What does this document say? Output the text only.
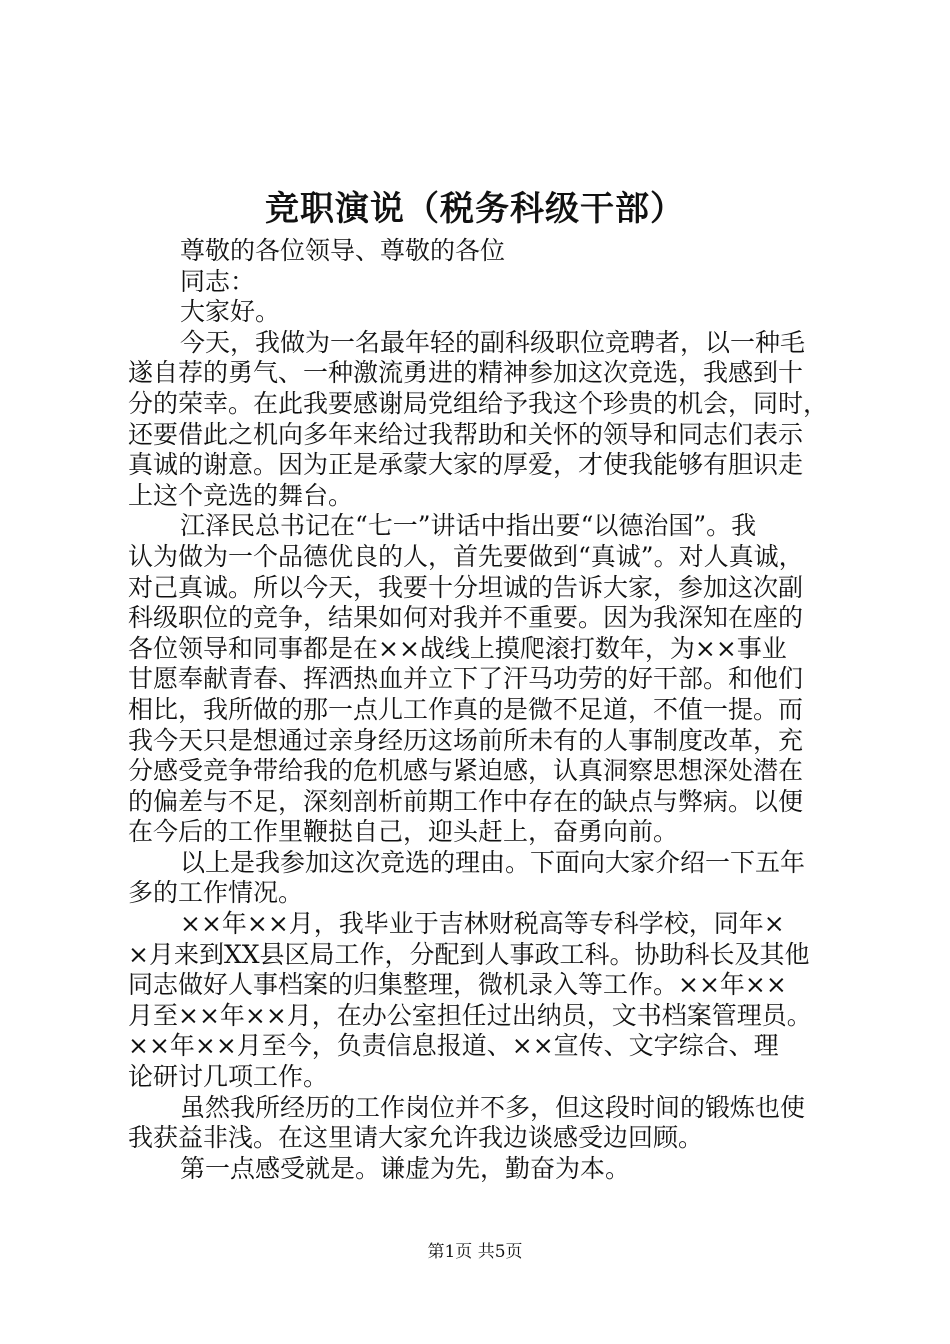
竞职演说（税务科级干部）
尊敬的各位领导、尊敬的各位
同志：
大家好。
今天，我做为一名最年轻的副科级职位竞聘者，以一种毛
遂自荐的勇气、一种激流勇进的精神参加这次竞选，我感到十
分的荣幸。在此我要感谢局党组给予我这个珍贵的机会，同时，
还要借此之机向多年来给过我帮助和关怀的领导和同志们表示
真诚的谢意。因为正是承蒙大家的厚爱，才使我能够有胆识走
上这个竞选的舞台。
江泽民总书记在“七一”讲话中指出要“以德治国”。我
认为做为一个品德优良的人，首先要做到“真诚”。对人真诚，
对己真诚。所以今天，我要十分坦诚的告诉大家，参加这次副
科级职位的竞争，结果如何对我并不重要。因为我深知在座的
各位领导和同事都是在××战线上摸爬滚打数年，为××事业
甘愿奉献青春、挥洒热血并立下了汗马功劳的好干部。和他们
相比，我所做的那一点儿工作真的是微不足道，不值一提。而
我今天只是想通过亲身经历这场前所未有的人事制度改革，充
分感受竞争带给我的危机感与紧迫感，认真洞察思想深处潜在
的偏差与不足，深刻剖析前期工作中存在的缺点与弊病。以便
在今后的工作里鞭挞自己，迎头赶上，奋勇向前。
以上是我参加这次竞选的理由。下面向大家介绍一下五年
多的工作情况。
××年××月，我毕业于吉林财税高等专科学校，同年×
×月来到XX县区局工作，分配到人事政工科。协助科长及其他
同志做好人事档案的归集整理，微机录入等工作。××年××
月至××年××月，在办公室担任过出纳员，文书档案管理员。
××年××月至今，负责信息报道、××宣传、文字综合、理
论研讨几项工作。
虽然我所经历的工作岗位并不多，但这段时间的锻炼也使
我获益非浅。在这里请大家允许我边谈感受边回顾。
第一点感受就是。谦虚为先，勤奋为本。
第1页 共5页
